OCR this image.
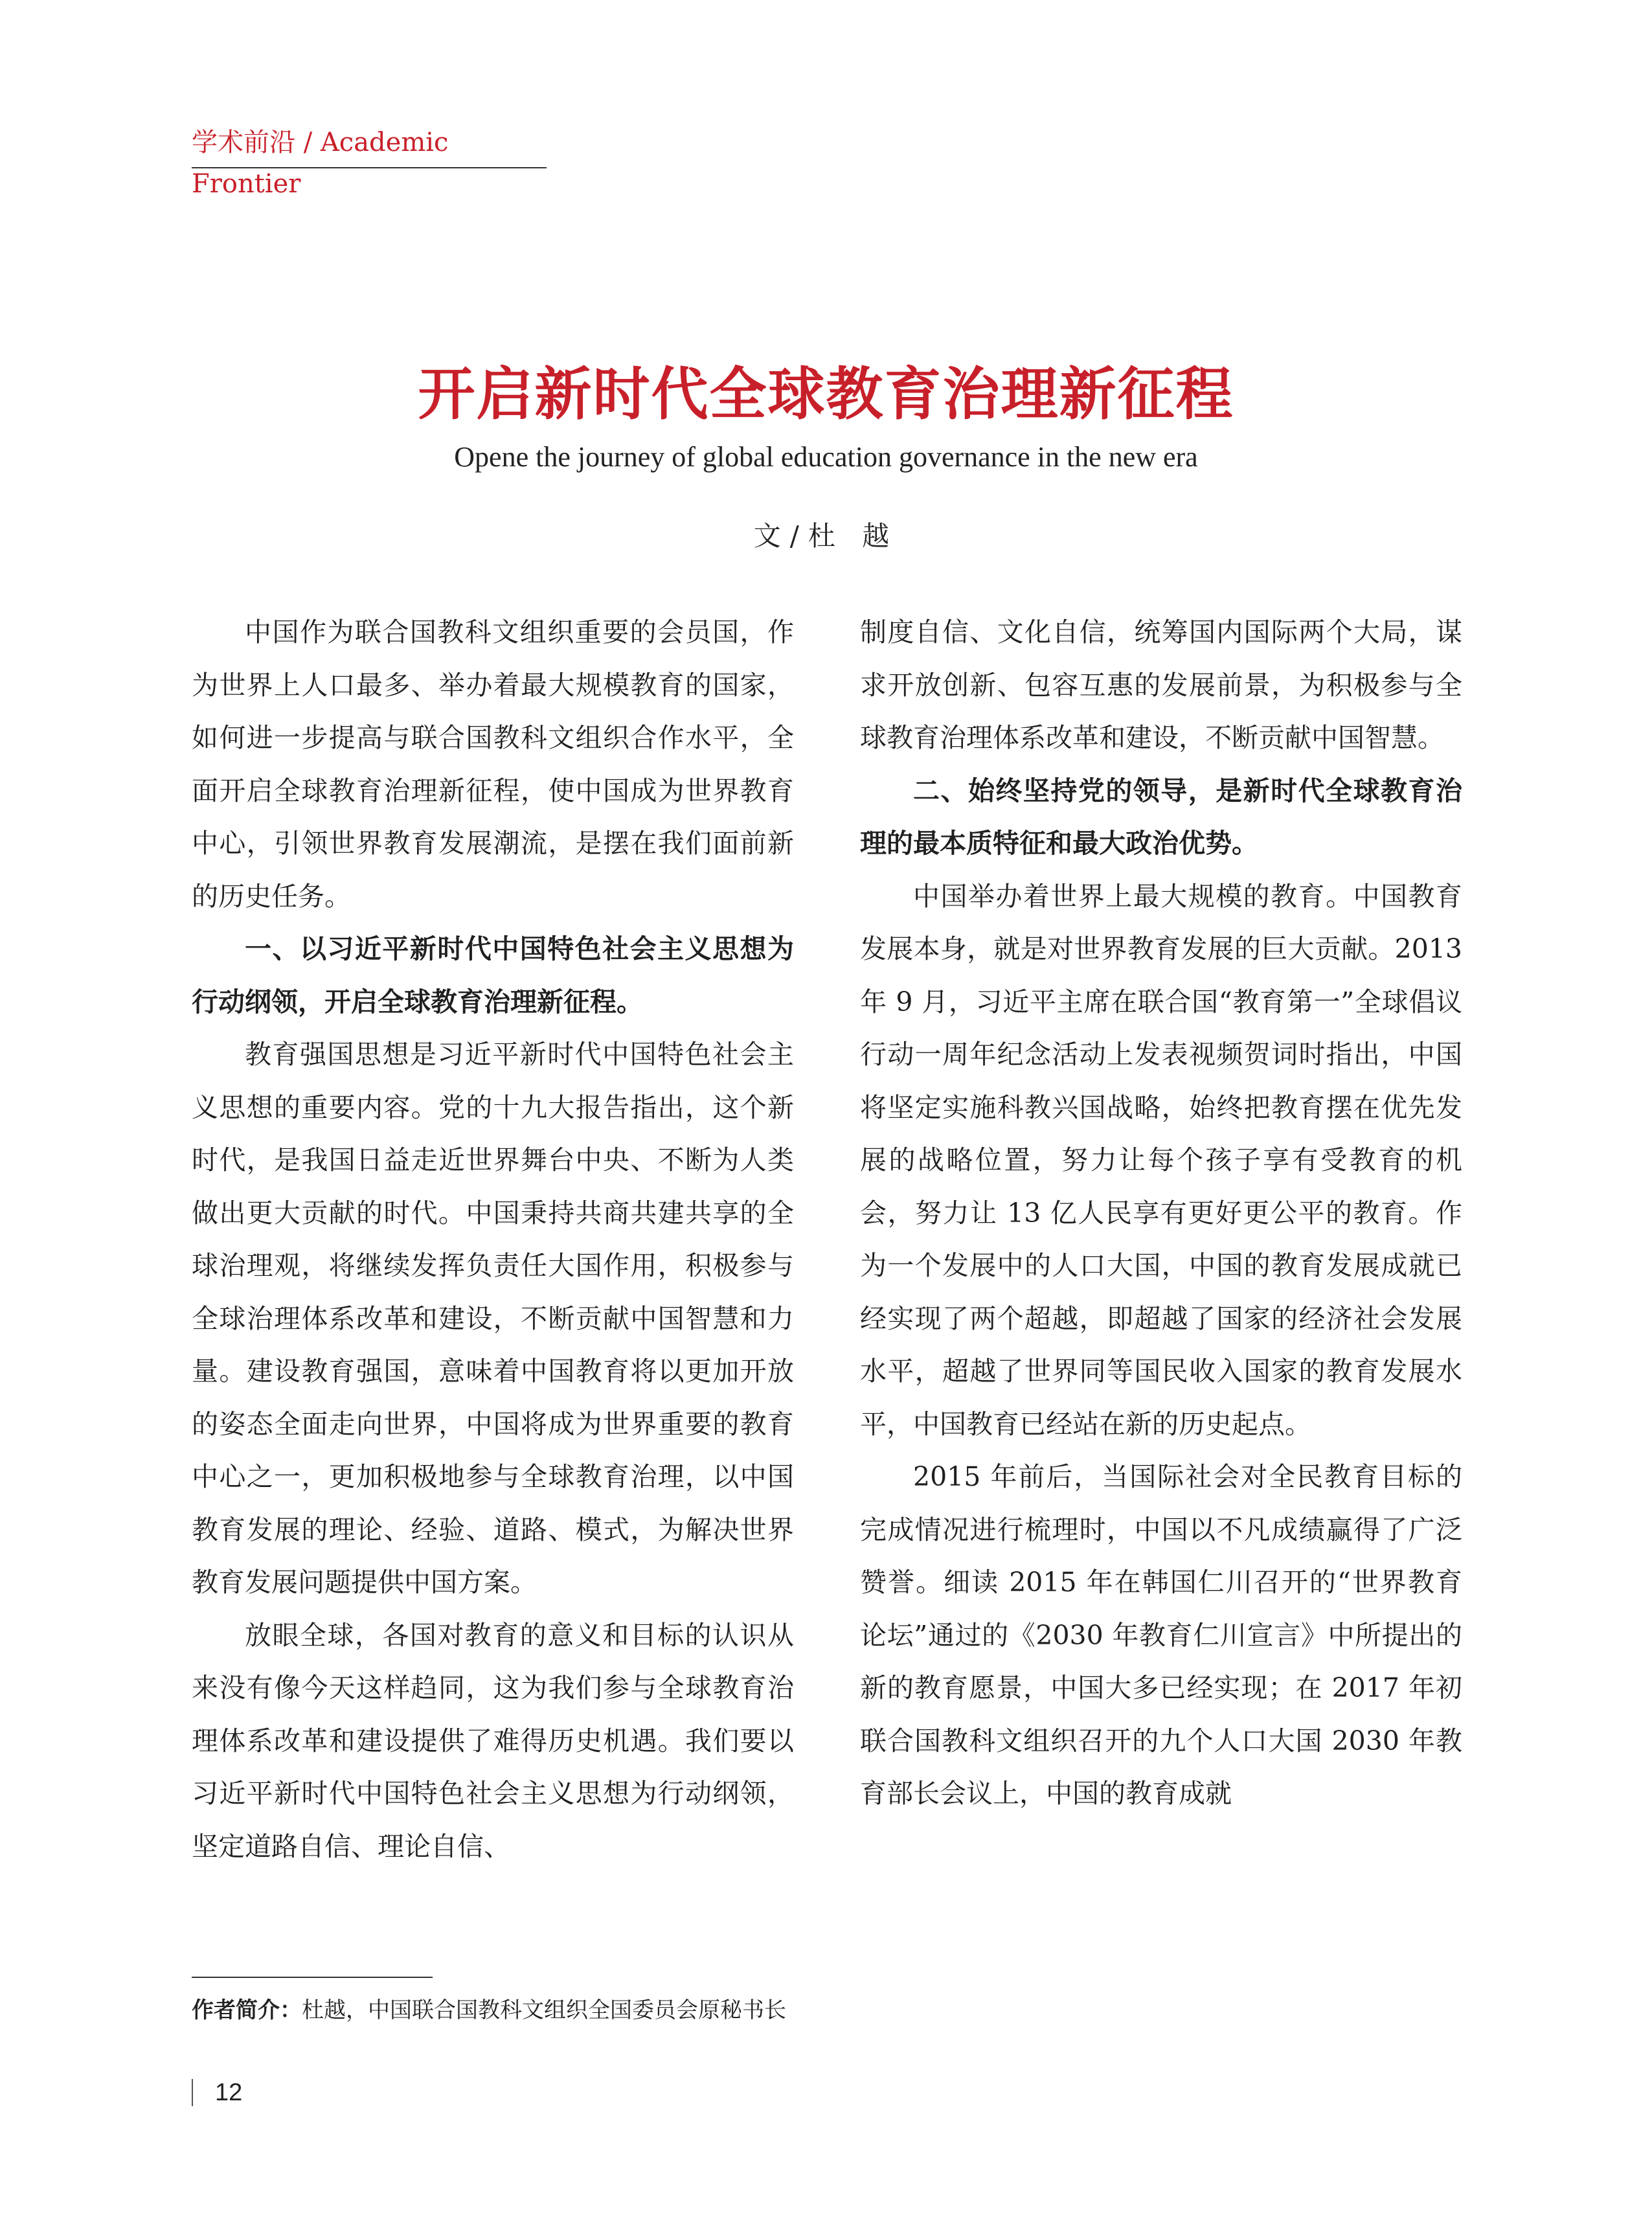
学术前沿 / Academic Frontier
开启新时代全球教育治理新征程
Opene the journey of global education governance in the new era
文/杜 越

中国作为联合国教科文组织重要的会员国，作为世界上人口最多、举办着最大规模教育的国家，如何进一步提高与联合国教科文组织合作水平，全面开启全球教育治理新征程，使中国成为世界教育中心，引领世界教育发展潮流，是摆在我们面前新的历史任务。

一、以习近平新时代中国特色社会主义思想为行动纲领，开启全球教育治理新征程。

教育强国思想是习近平新时代中国特色社会主义思想的重要内容。党的十九大报告指出，这个新时代，是我国日益走近世界舞台中央、不断为人类做出更大贡献的时代。中国秉持共商共建共享的全球治理观，将继续发挥负责任大国作用，积极参与全球治理体系改革和建设，不断贡献中国智慧和力量。建设教育强国，意味着中国教育将以更加开放的姿态全面走向世界，中国将成为世界重要的教育中心之一，更加积极地参与全球教育治理，以中国教育发展的理论、经验、道路、模式，为解决世界教育发展问题提供中国方案。

放眼全球，各国对教育的意义和目标的认识从来没有像今天这样趋同，这为我们参与全球教育治理体系改革和建设提供了难得历史机遇。我们要以习近平新时代中国特色社会主义思想为行动纲领，坚定道路自信、理论自信、

制度自信、文化自信，统筹国内国际两个大局，谋求开放创新、包容互惠的发展前景，为积极参与全球教育治理体系改革和建设，不断贡献中国智慧。

二、始终坚持党的领导，是新时代全球教育治理的最本质特征和最大政治优势。

中国举办着世界上最大规模的教育。中国教育发展本身，就是对世界教育发展的巨大贡献。2013 年 9 月，习近平主席在联合国“教育第一”全球倡议行动一周年纪念活动上发表视频贺词时指出，中国将坚定实施科教兴国战略，始终把教育摆在优先发展的战略位置，努力让每个孩子享有受教育的机会，努力让 13 亿人民享有更好更公平的教育。作为一个发展中的人口大国，中国的教育发展成就已经实现了两个超越，即超越了国家的经济社会发展水平，超越了世界同等国民收入国家的教育发展水平，中国教育已经站在新的历史起点。

2015 年前后，当国际社会对全民教育目标的完成情况进行梳理时，中国以不凡成绩赢得了广泛赞誉。细读 2015 年在韩国仁川召开的“世界教育论坛”通过的《2030 年教育仁川宣言》中所提出的新的教育愿景，中国大多已经实现；在 2017 年初联合国教科文组织召开的九个人口大国 2030 年教育部长会议上，中国的教育成就

作者简介：杜越，中国联合国教科文组织全国委员会原秘书长
12
